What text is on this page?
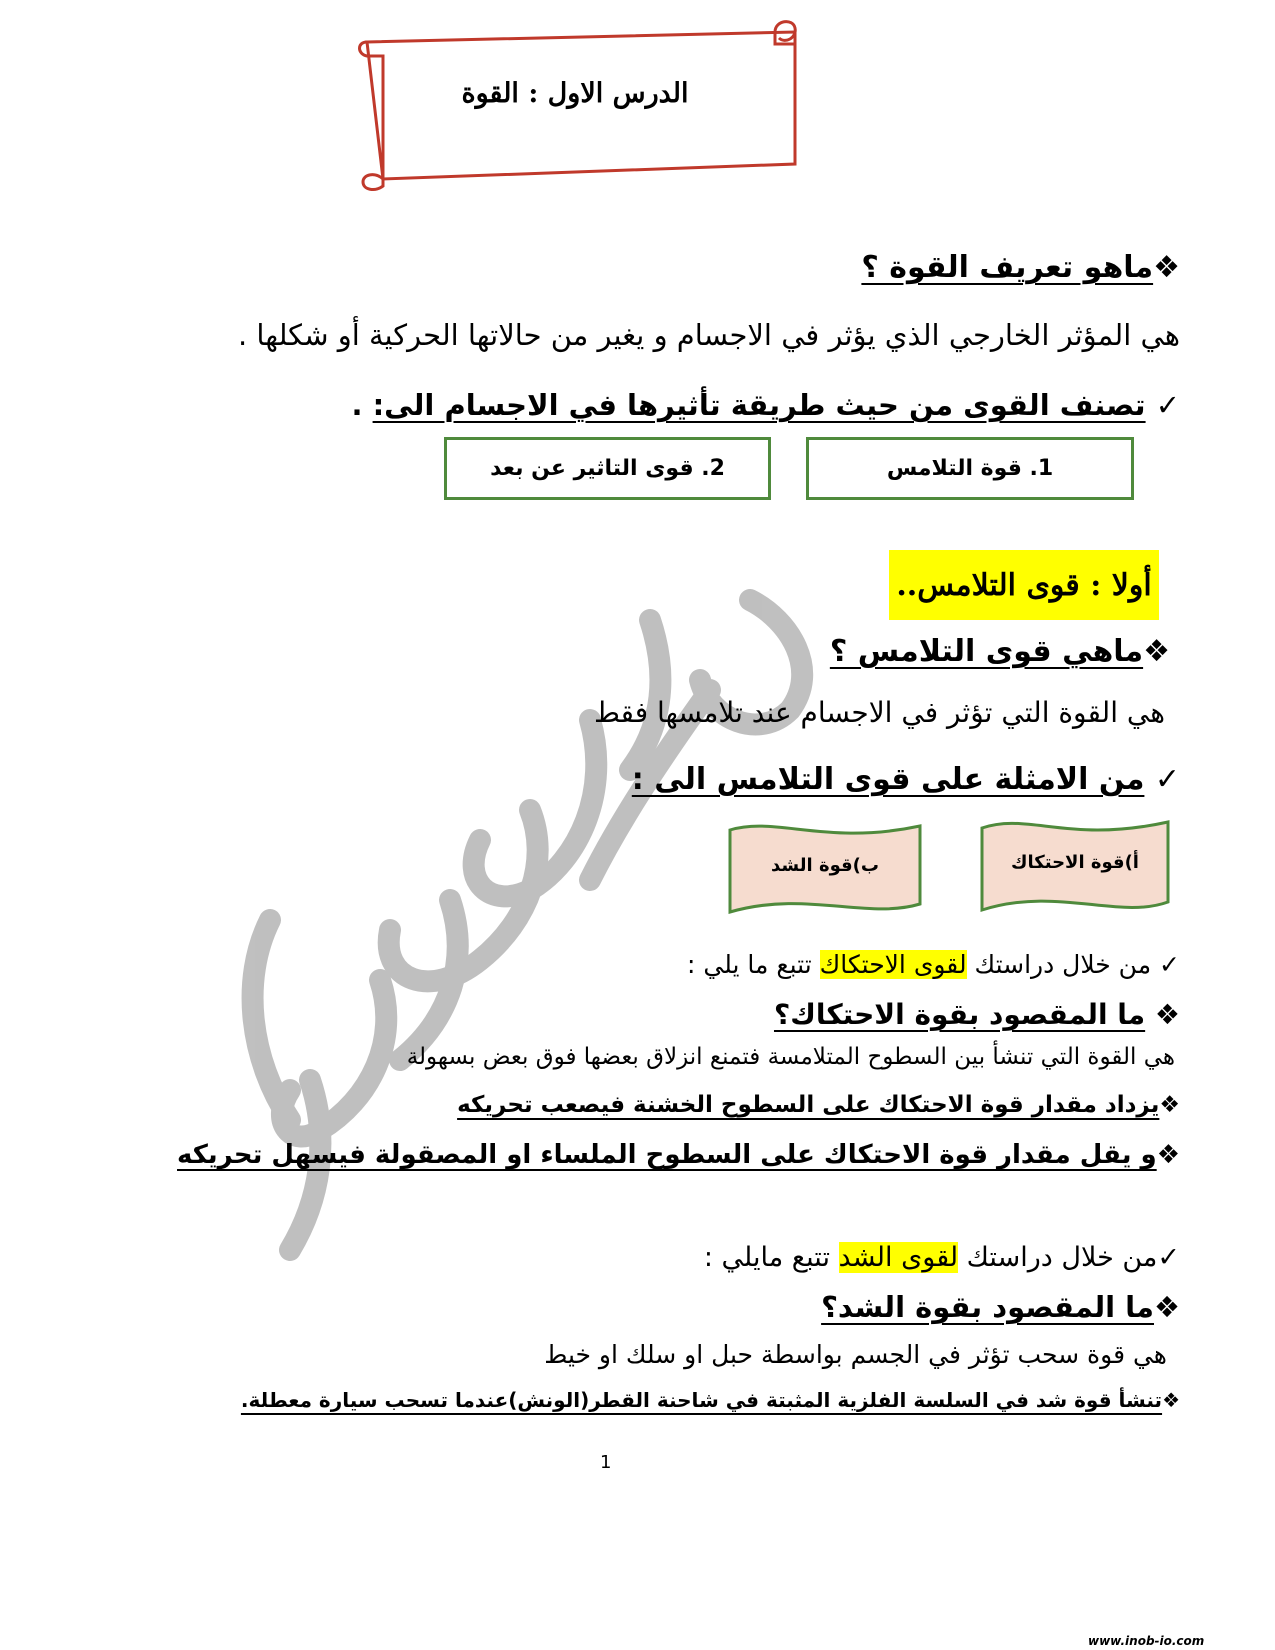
الدرس الاول : القوة
❖ماهو تعريف القوة ؟
هي المؤثر الخارجي الذي يؤثر في الاجسام و يغير من حالاتها الحركية أو شكلها .
✓ تصنف القوى من حيث طريقة تأثيرها في الاجسام الى: .
1. قوة التلامس
2. قوى التاثير عن بعد
أولا : قوى التلامس..
❖ماهي قوى التلامس ؟
هي القوة التي تؤثر في الاجسام عند تلامسها فقط
✓ من الامثلة على قوى التلامس الى :
أ)قوة الاحتكاك
ب)قوة الشد
✓ من خلال دراستك لقوى الاحتكاك تتبع ما يلي :
❖ ما المقصود بقوة الاحتكاك؟
هي القوة التي تنشأ بين السطوح المتلامسة فتمنع انزلاق بعضها فوق بعض بسهولة
❖يزداد مقدار قوة الاحتكاك على السطوح الخشنة فيصعب تحريكه
❖و يقل مقدار قوة الاحتكاك على السطوح الملساء او المصقولة فيسهل تحريكه
✓من خلال دراستك لقوى الشد تتبع مايلي :
❖ما المقصود بقوة الشد؟
هي قوة سحب تؤثر في الجسم بواسطة حبل او سلك او خيط
❖تنشأ قوة شد في السلسة الفلزية المثبتة في شاحنة القطر(الونش)عندما تسحب سيارة معطلة.
1
www.inob-io.com
